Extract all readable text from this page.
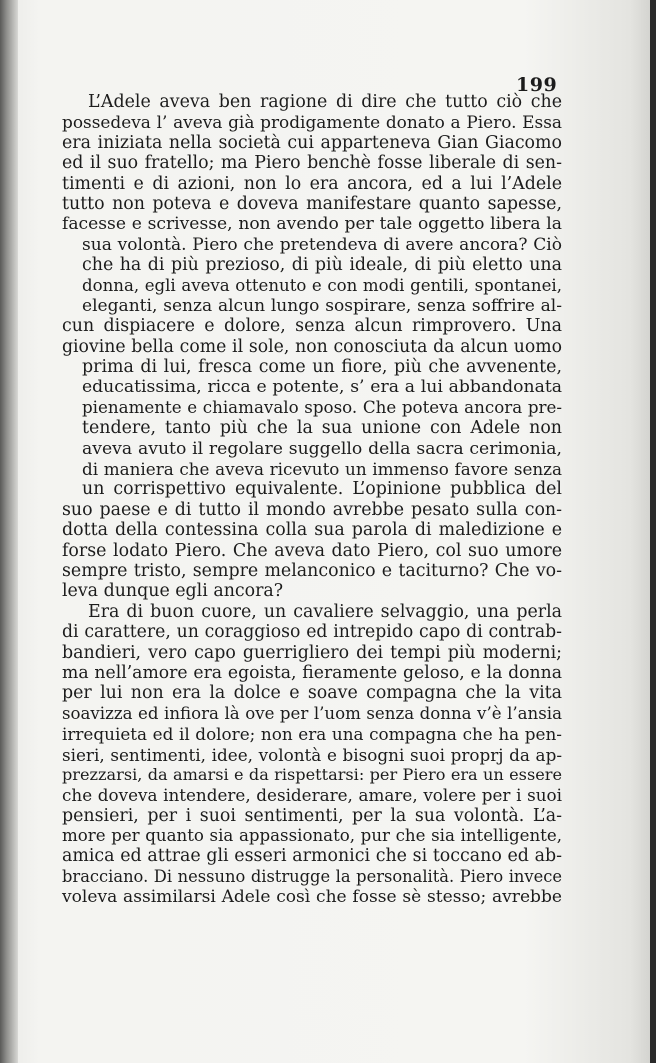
199
L’Adele aveva ben ragione di dire che tutto ciò che
possedeva l’ aveva già prodigamente donato a Piero. Essa
era iniziata nella società cui apparteneva Gian Giacomo
ed il suo fratello; ma Piero benchè fosse liberale di sen-
timenti e di azioni, non lo era ancora, ed a lui l’Adele
tutto non poteva e doveva manifestare quanto sapesse,
facesse e scrivesse, non avendo per tale oggetto libera la
sua volontà. Piero che pretendeva di avere ancora? Ciò
che ha di più prezioso, di più ideale, di più eletto una
donna, egli aveva ottenuto e con modi gentili, spontanei,
eleganti, senza alcun lungo sospirare, senza soffrire al-
cun dispiacere e dolore, senza alcun rimprovero. Una
giovine bella come il sole, non conosciuta da alcun uomo
prima di lui, fresca come un fiore, più che avvenente,
educatissima, ricca e potente, s’ era a lui abbandonata
pienamente e chiamavalo sposo. Che poteva ancora pre-
tendere, tanto più che la sua unione con Adele non
aveva avuto il regolare suggello della sacra cerimonia,
di maniera che aveva ricevuto un immenso favore senza
un corrispettivo equivalente. L’opinione pubblica del
suo paese e di tutto il mondo avrebbe pesato sulla con-
dotta della contessina colla sua parola di maledizione e
forse lodato Piero. Che aveva dato Piero, col suo umore
sempre tristo, sempre melanconico e taciturno? Che vo-
leva dunque egli ancora?
Era di buon cuore, un cavaliere selvaggio, una perla
di carattere, un coraggioso ed intrepido capo di contrab-
bandieri, vero capo guerrigliero dei tempi più moderni;
ma nell’amore era egoista, fieramente geloso, e la donna
per lui non era la dolce e soave compagna che la vita
soavizza ed infiora là ove per l’uom senza donna v’è l’ansia
irrequieta ed il dolore; non era una compagna che ha pen-
sieri, sentimenti, idee, volontà e bisogni suoi proprj da ap-
prezzarsi, da amarsi e da rispettarsi: per Piero era un essere
che doveva intendere, desiderare, amare, volere per i suoi
pensieri, per i suoi sentimenti, per la sua volontà. L’a-
more per quanto sia appassionato, pur che sia intelligente,
amica ed attrae gli esseri armonici che si toccano ed ab-
bracciano. Di nessuno distrugge la personalità. Piero invece
voleva assimilarsi Adele così che fosse sè stesso; avrebbe
